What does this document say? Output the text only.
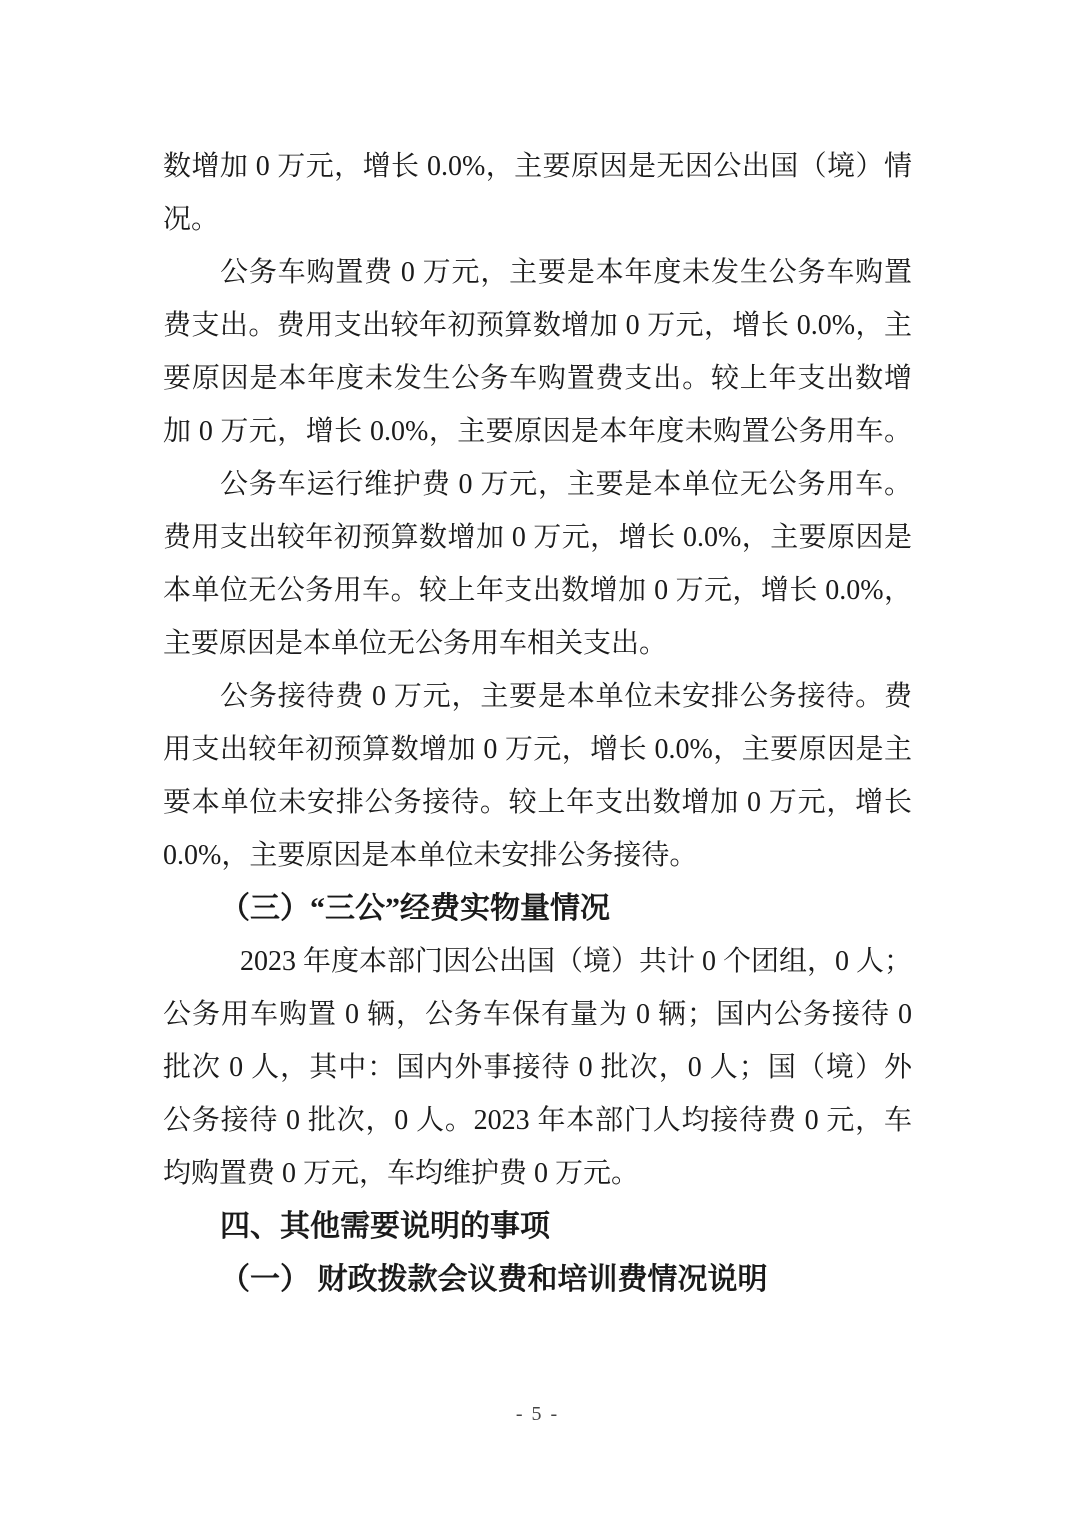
数增加 0 万元，增长 0.0%，主要原因是无因公出国（境）情
况。
公务车购置费 0 万元，主要是本年度未发生公务车购置
费支出。费用支出较年初预算数增加 0 万元，增长 0.0%，主
要原因是本年度未发生公务车购置费支出。较上年支出数增
加 0 万元，增长 0.0%，主要原因是本年度未购置公务用车。
公务车运行维护费 0 万元，主要是本单位无公务用车。
费用支出较年初预算数增加 0 万元，增长 0.0%，主要原因是
本单位无公务用车。较上年支出数增加 0 万元，增长 0.0%，
主要原因是本单位无公务用车相关支出。
公务接待费 0 万元，主要是本单位未安排公务接待。费
用支出较年初预算数增加 0 万元，增长 0.0%，主要原因是主
要本单位未安排公务接待。较上年支出数增加 0 万元，增长
0.0%，主要原因是本单位未安排公务接待。
（三）“三公”经费实物量情况
2023 年度本部门因公出国（境）共计 0 个团组，0 人；
公务用车购置 0 辆，公务车保有量为 0 辆；国内公务接待 0
批次 0 人，其中：国内外事接待 0 批次，0 人；国（境）外
公务接待 0 批次，0 人。2023 年本部门人均接待费 0 元，车
均购置费 0 万元，车均维护费 0 万元。
四、其他需要说明的事项
（一） 财政拨款会议费和培训费情况说明
- 5 -
